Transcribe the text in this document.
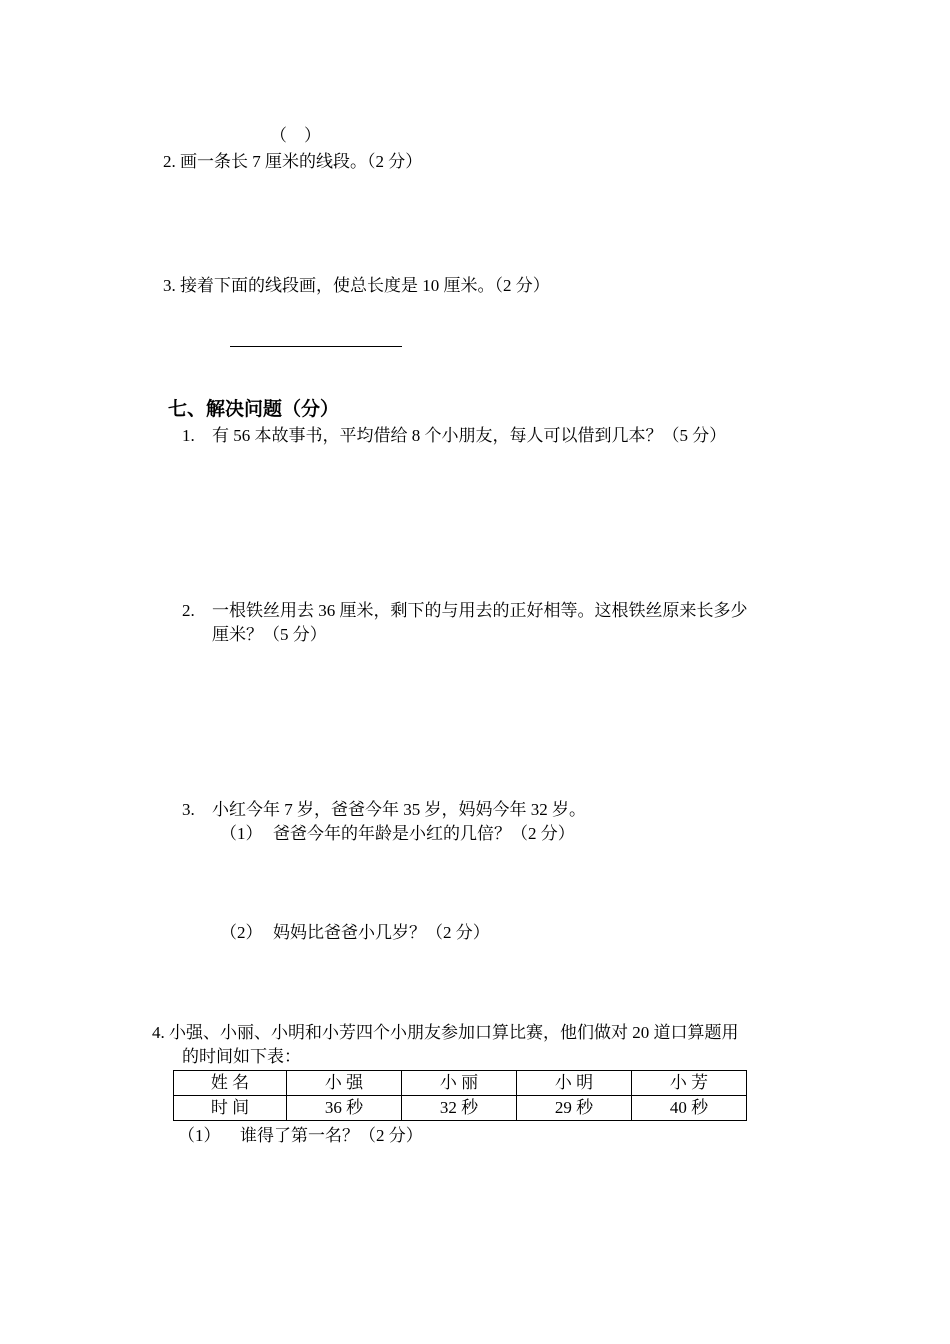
（　）
2. 画一条长 7 厘米的线段。（2 分）
3. 接着下面的线段画，使总长度是 10 厘米。（2 分）
七、解决问题（分）
1. 有 56 本故事书，平均借给 8 个小朋友，每人可以借到几本？（5 分）
2. 一根铁丝用去 36 厘米，剩下的与用去的正好相等。这根铁丝原来长多少
厘米？（5 分）
3. 小红今年 7 岁，爸爸今年 35 岁，妈妈今年 32 岁。
（1） 爸爸今年的年龄是小红的几倍？（2 分）
（2） 妈妈比爸爸小几岁？（2 分）
4. 小强、小丽、小明和小芳四个小朋友参加口算比赛，他们做对 20 道口算题用
的时间如下表：
姓 名	小 强	小 丽	小 明	小 芳
时 间	36 秒	32 秒	29 秒	40 秒
（1） 谁得了第一名？（2 分）
